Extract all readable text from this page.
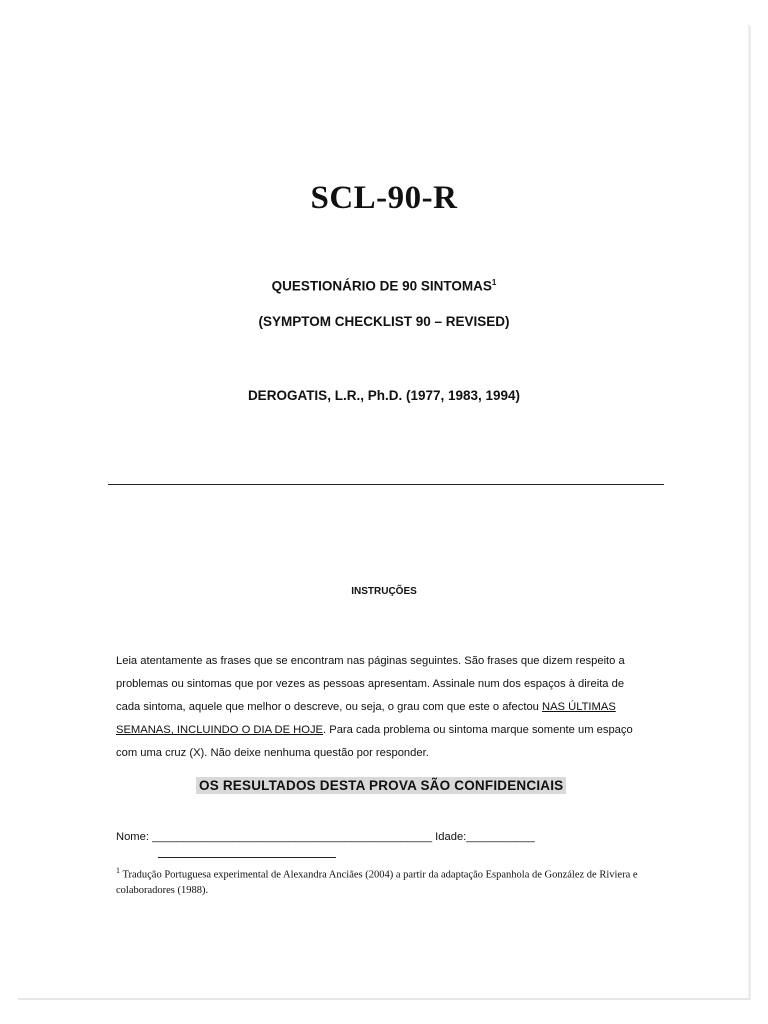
SCL-90-R
QUESTIONÁRIO DE 90 SINTOMAS$^1$
(SYMPTOM CHECKLIST 90 – REVISED)
DEROGATIS, L.R., Ph.D. (1977, 1983, 1994)
INSTRUÇÕES
Leia atentamente as frases que se encontram nas páginas seguintes. São frases que dizem respeito a
problemas ou sintomas que por vezes as pessoas apresentam. Assinale num dos espaços à direita de
cada sintoma, aquele que melhor o descreve, ou seja, o grau com que este o afectou NAS ÚLTIMAS
SEMANAS, INCLUINDO O DIA DE HOJE. Para cada problema ou sintoma marque somente um espaço
com uma cruz (X). Não deixe nenhuma questão por responder.
OS RESULTADOS DESTA PROVA SÃO CONFIDENCIAIS
Nome: _____________________________________________ Idade:___________
$^1$ Tradução Portuguesa experimental de Alexandra Anciães (2004) a partir da adaptação Espanhola de González de Riviera e colaboradores (1988).
